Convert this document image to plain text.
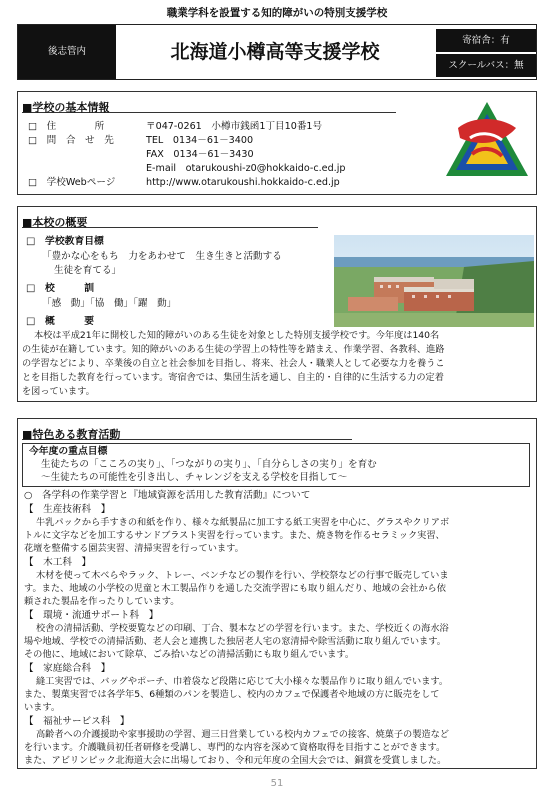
職業学科を設置する知的障がいの特別支援学校
後志管内	北海道小樽高等支援学校
寄宿舎：有
スクールバス：無
■学校の基本情報
□　住　　　　所	〒047-0261　小樽市銭函1丁目10番1号
□　問　合　せ　先	TEL　0134－61－3400
FAX　0134－61－3430
E-mail　otarukoushi-z0@hokkaido-c.ed.jp
□　学校Webページ	http://www.otarukoushi.hokkaido-c.ed.jp
■本校の概要
□　学校教育目標
「豊かな心をもち　力をあわせて　生き生きと活動する
生徒を育てる」
□　校　　　訓
「感　動」「協　働」「躍　動」
□　概　　　要
本校は平成21年に開校した知的障がいのある生徒を対象とした特別支援学校です。今年度は140名
の生徒が在籍しています。知的障がいのある生徒の学習上の特性等を踏まえ、作業学習、各教科、進路
の学習などにより、卒業後の自立と社会参加を目指し、将来、社会人・職業人として必要な力を養うこ
とを目指した教育を行っています。寄宿舎では、集団生活を通し、自主的・自律的に生活する力の定着
を図っています。
■特色ある教育活動
今年度の重点目標
生徒たちの「こころの実り」、「つながりの実り」、「自分らしさの実り」を育む
～生徒たちの可能性を引き出し、チャレンジを支える学校を目指して～
○　各学科の作業学習と『地域資源を活用した教育活動』について
【　生産技術科　】
牛乳パックから手すきの和紙を作り、様々な紙製品に加工する紙工実習を中心に、グラスやクリアボ
トルに文字などを加工するサンドブラスト実習を行っています。また、焼き物を作るセラミック実習、
花壇を整備する園芸実習、清掃実習を行っています。
【　木工科　】
木材を使って木べらやラック、トレー、ベンチなどの製作を行い、学校祭などの行事で販売していま
す。また、地域の小学校の児童と木工製品作りを通した交流学習にも取り組んだり、地域の会社から依
頼された製品を作ったりしています。
【　環境・流通サポート科　】
校舎の清掃活動、学校要覧などの印刷、丁合、製本などの学習を行います。また、学校近くの海水浴
場や地域、学校での清掃活動、老人会と連携した独居老人宅の窓清掃や除雪活動に取り組んでいます。
その他に、地域において除草、ごみ拾いなどの清掃活動にも取り組んでいます。
【　家庭総合科　】
縫工実習では、バッグやポーチ、巾着袋など段階に応じて大小様々な製品作りに取り組んでいます。
また、製菓実習では各学年5、6種類のパンを製造し、校内のカフェで保護者や地域の方に販売をして
います。
【　福祉サービス科　】
高齢者への介護援助や家事援助の学習、週三日営業している校内カフェでの接客、焼菓子の製造など
を行います。介護職員初任者研修を受講し、専門的な内容を深めて資格取得を目指すことができます。
また、アビリンピック北海道大会に出場しており、令和元年度の全国大会では、銅賞を受賞しました。
51
